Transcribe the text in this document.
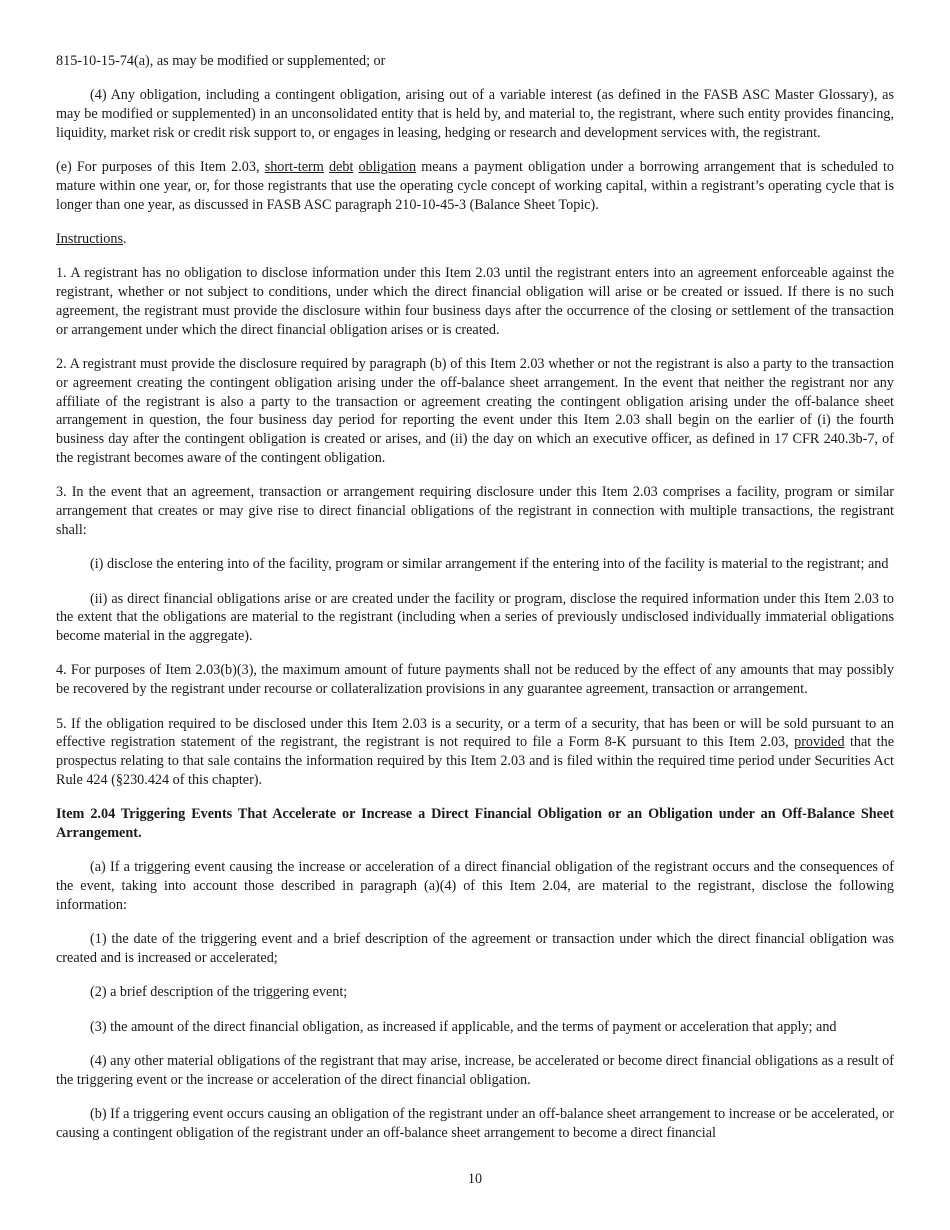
815-10-15-74(a), as may be modified or supplemented; or

(4) Any obligation, including a contingent obligation, arising out of a variable interest (as defined in the FASB ASC Master Glossary), as may be modified or supplemented) in an unconsolidated entity that is held by, and material to, the registrant, where such entity provides financing, liquidity, market risk or credit risk support to, or engages in leasing, hedging or research and development services with, the registrant.

(e) For purposes of this Item 2.03, short-term debt obligation means a payment obligation under a borrowing arrangement that is scheduled to mature within one year, or, for those registrants that use the operating cycle concept of working capital, within a registrant’s operating cycle that is longer than one year, as discussed in FASB ASC paragraph 210-10-45-3 (Balance Sheet Topic).

Instructions.

1. A registrant has no obligation to disclose information under this Item 2.03 until the registrant enters into an agreement enforceable against the registrant, whether or not subject to conditions, under which the direct financial obligation will arise or be created or issued. If there is no such agreement, the registrant must provide the disclosure within four business days after the occurrence of the closing or settlement of the transaction or arrangement under which the direct financial obligation arises or is created.

2. A registrant must provide the disclosure required by paragraph (b) of this Item 2.03 whether or not the registrant is also a party to the transaction or agreement creating the contingent obligation arising under the off-balance sheet arrangement. In the event that neither the registrant nor any affiliate of the registrant is also a party to the transaction or agreement creating the contingent obligation arising under the off-balance sheet arrangement in question, the four business day period for reporting the event under this Item 2.03 shall begin on the earlier of (i) the fourth business day after the contingent obligation is created or arises, and (ii) the day on which an executive officer, as defined in 17 CFR 240.3b-7, of the registrant becomes aware of the contingent obligation.

3. In the event that an agreement, transaction or arrangement requiring disclosure under this Item 2.03 comprises a facility, program or similar arrangement that creates or may give rise to direct financial obligations of the registrant in connection with multiple transactions, the registrant shall:

(i) disclose the entering into of the facility, program or similar arrangement if the entering into of the facility is material to the registrant; and

(ii) as direct financial obligations arise or are created under the facility or program, disclose the required information under this Item 2.03 to the extent that the obligations are material to the registrant (including when a series of previously undisclosed individually immaterial obligations become material in the aggregate).

4. For purposes of Item 2.03(b)(3), the maximum amount of future payments shall not be reduced by the effect of any amounts that may possibly be recovered by the registrant under recourse or collateralization provisions in any guarantee agreement, transaction or arrangement.

5. If the obligation required to be disclosed under this Item 2.03 is a security, or a term of a security, that has been or will be sold pursuant to an effective registration statement of the registrant, the registrant is not required to file a Form 8-K pursuant to this Item 2.03, provided that the prospectus relating to that sale contains the information required by this Item 2.03 and is filed within the required time period under Securities Act Rule 424 (§230.424 of this chapter).

Item 2.04 Triggering Events That Accelerate or Increase a Direct Financial Obligation or an Obligation under an Off-Balance Sheet Arrangement.

(a) If a triggering event causing the increase or acceleration of a direct financial obligation of the registrant occurs and the consequences of the event, taking into account those described in paragraph (a)(4) of this Item 2.04, are material to the registrant, disclose the following information:

(1) the date of the triggering event and a brief description of the agreement or transaction under which the direct financial obligation was created and is increased or accelerated;

(2) a brief description of the triggering event;

(3) the amount of the direct financial obligation, as increased if applicable, and the terms of payment or acceleration that apply; and

(4) any other material obligations of the registrant that may arise, increase, be accelerated or become direct financial obligations as a result of the triggering event or the increase or acceleration of the direct financial obligation.

(b) If a triggering event occurs causing an obligation of the registrant under an off-balance sheet arrangement to increase or be accelerated, or causing a contingent obligation of the registrant under an off-balance sheet arrangement to become a direct financial

10
